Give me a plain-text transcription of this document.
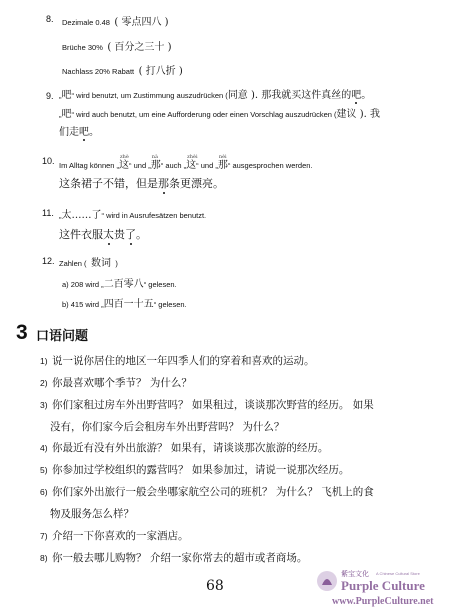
8. Dezimale 0.48 ( 零点四八 )
Brüche 30% ( 百分之三十 )
Nachlass 20% Rabatt ( 打八折 )
9. „吧“ wird benutzt, um Zustimmung auszudrücken (同意 ). 那我就买这件真丝的吧。
„吧“ wird auch benutzt, um eine Aufforderung oder einen Vorschlag auszudrücken (建议 ). 我
们走吧。
10. Im Alltag können „
zhè
这“ und „
nà
那“ auch „
zhèi
这“ und „
nèi
那“ ausgesprochen werden.
这条裙子不错，但是那条更漂亮。
11. „太……了“ wird in Ausrufesätzen benutzt.
这件衣服太贵了。
12. Zahlen ( 数词 )
a) 208 wird „二百零八“ gelesen.
b) 415 wird „四百一十五“ gelesen.
3 口语问题
1) 说一说你居住的地区一年四季人们的穿着和喜欢的运动。
2) 你最喜欢哪个季节？ 为什么？
3) 你们家租过房车外出野营吗？ 如果租过，谈谈那次野营的经历。 如果
没有，你们家今后会租房车外出野营吗？ 为什么？
4) 你最近有没有外出旅游？ 如果有，请谈谈那次旅游的经历。
5) 你参加过学校组织的露营吗？ 如果参加过，请说一说那次经历。
6) 你们家外出旅行一般会坐哪家航空公司的班机？ 为什么？ 飞机上的食
物及服务怎么样？
7) 介绍一下你喜欢的一家酒店。
8) 你一般去哪儿购物？ 介绍一家你常去的超市或者商场。
68
紫宝文化 A Chinese Cultural Store
Purple Culture
www.PurpleCulture.net
